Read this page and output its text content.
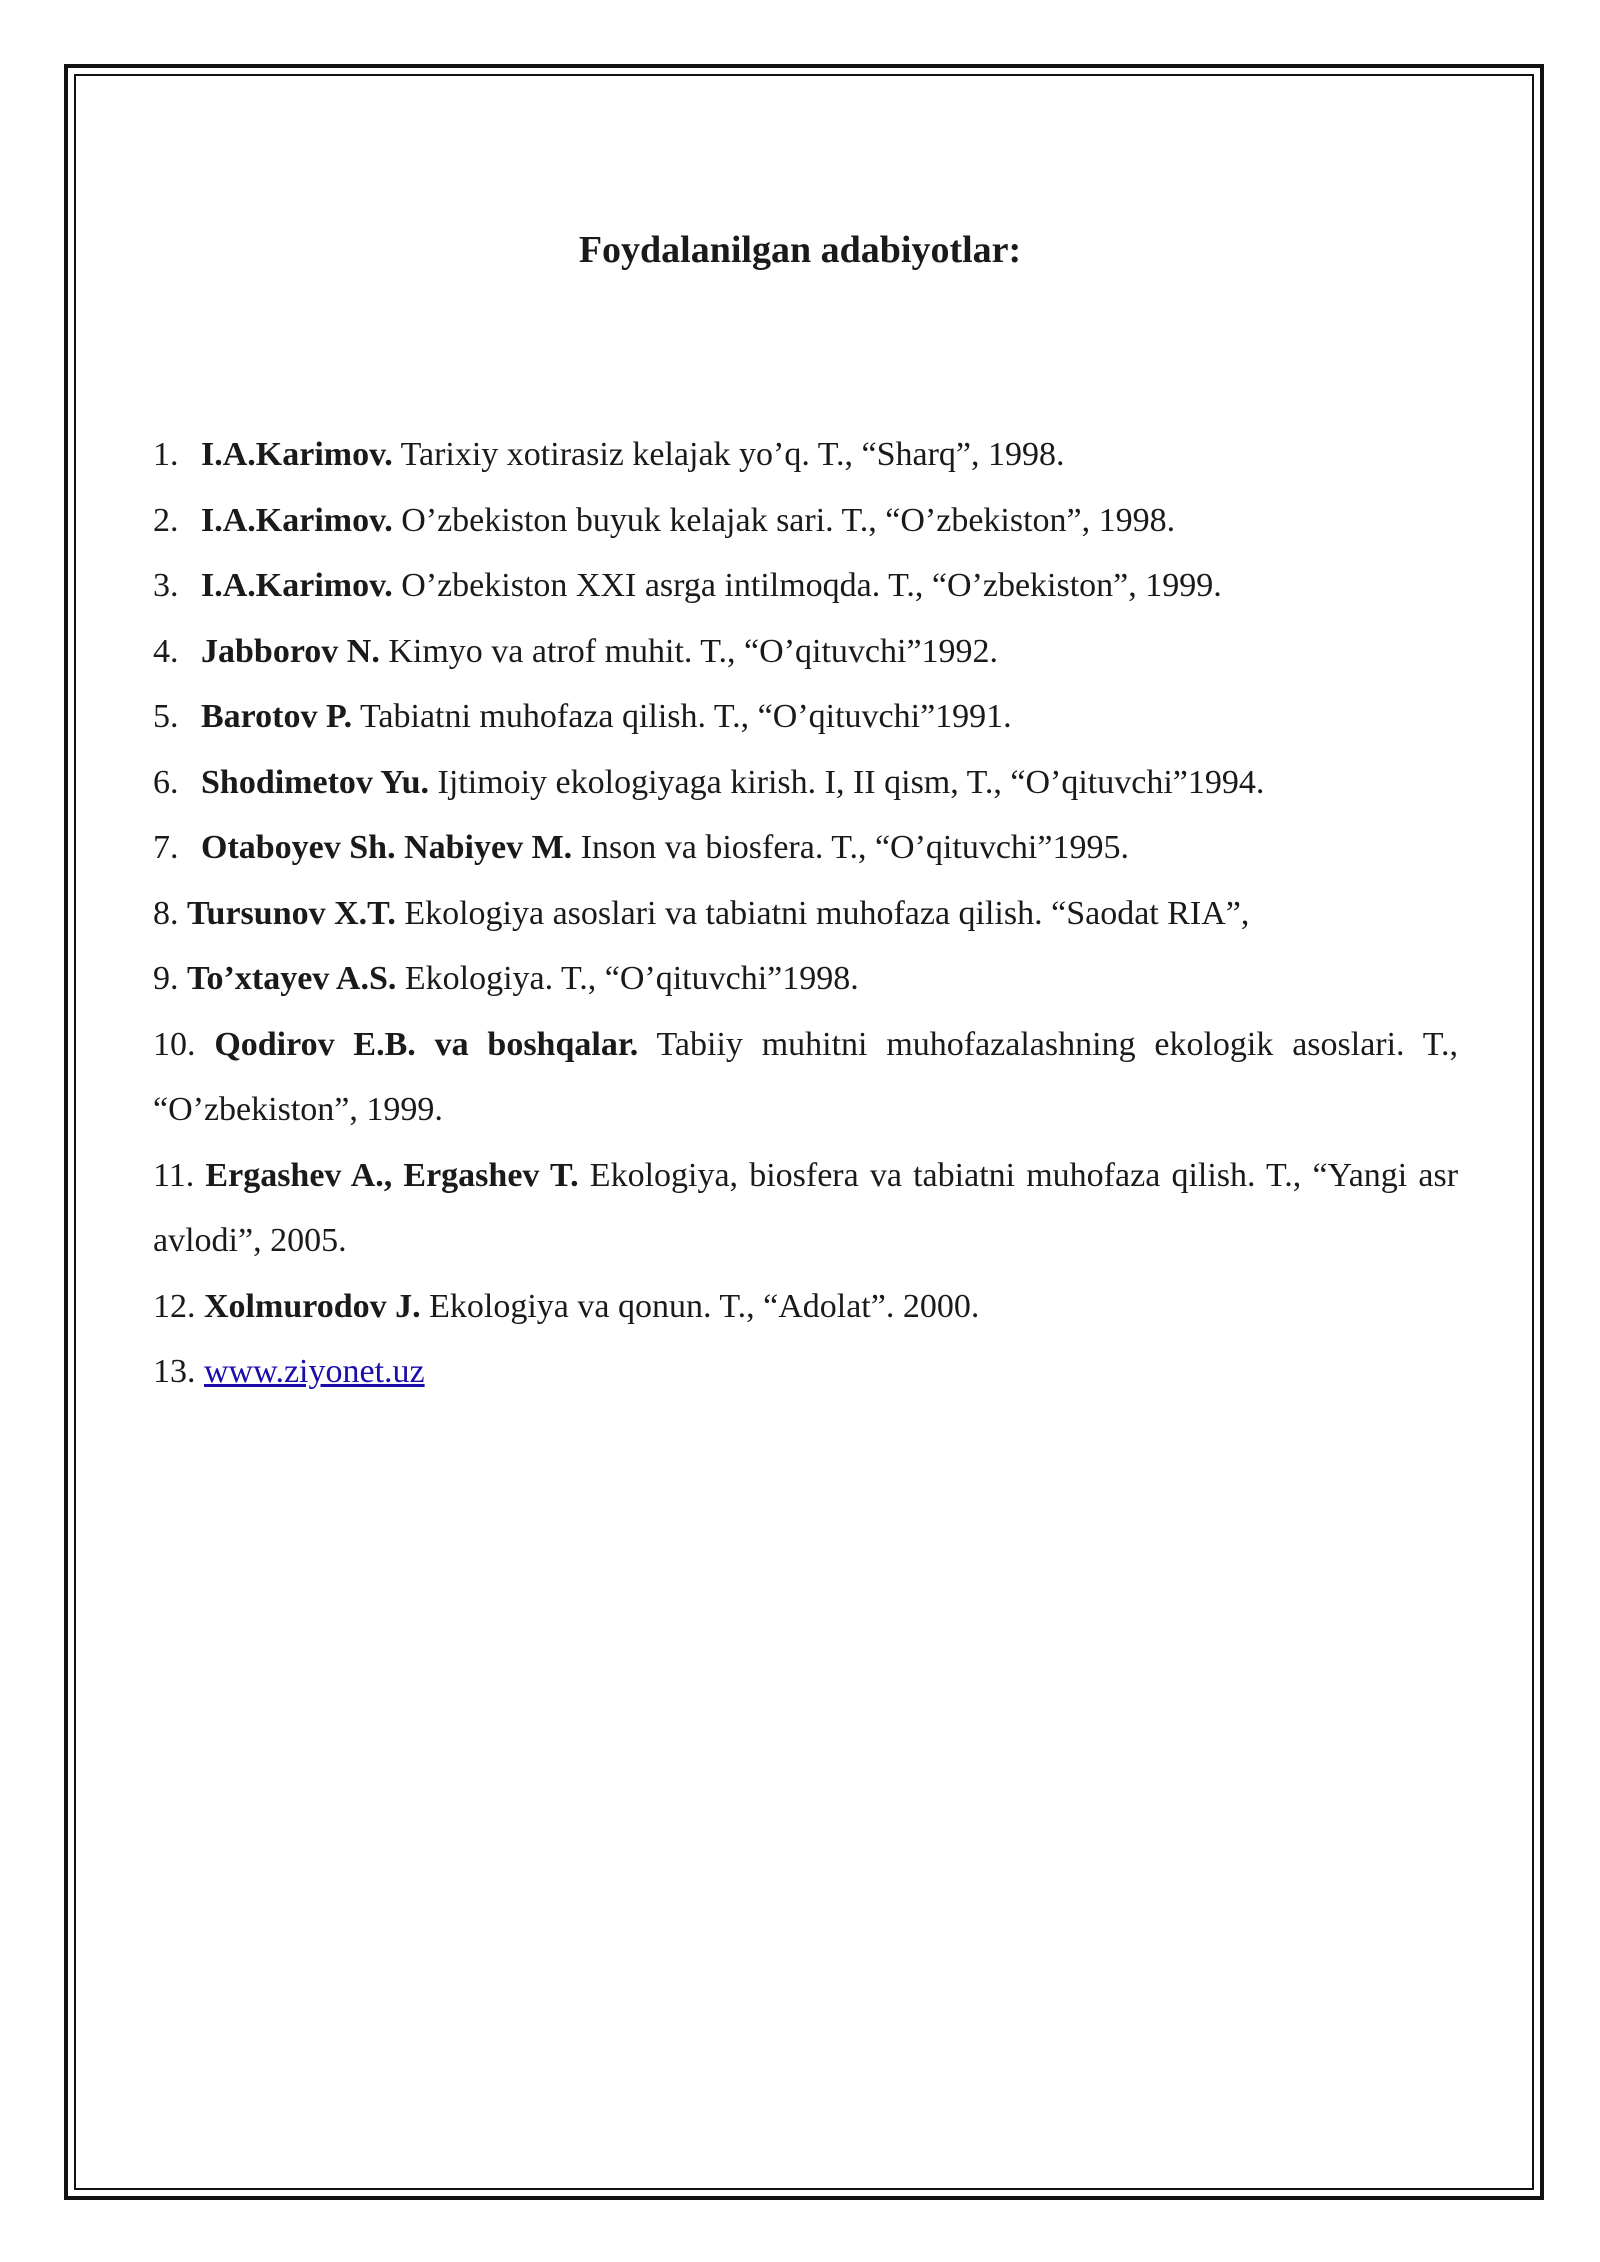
Foydalanilgan adabiyotlar:
1. I.A.Karimov. Tarixiy xotirasiz kelajak yo’q. T., “Sharq”, 1998.
2. I.A.Karimov. O’zbekiston buyuk kelajak sari. T., “O’zbekiston”, 1998.
3. I.A.Karimov. O’zbekiston XXI asrga intilmoqda. T., “O’zbekiston”, 1999.
4. Jabborov N. Kimyo va atrof muhit. T., “O’qituvchi”1992.
5. Barotov P. Tabiatni muhofaza qilish. T., “O’qituvchi”1991.
6. Shodimetov Yu. Ijtimoiy ekologiyaga kirish. I, II qism, T., “O’qituvchi”1994.
7. Otaboyev Sh. Nabiyev M. Inson va biosfera. T., “O’qituvchi”1995.
8. Tursunov X.T. Ekologiya asoslari va tabiatni muhofaza qilish. “Saodat RIA”,
9. To’xtayev A.S. Ekologiya. T., “O’qituvchi”1998.
10. Qodirov E.B. va boshqalar. Tabiiy muhitni muhofazalashning ekologik asoslari. T., “O’zbekiston”, 1999.
11. Ergashev A., Ergashev T. Ekologiya, biosfera va tabiatni muhofaza qilish. T., “Yangi asr avlodi”, 2005.
12. Xolmurodov J. Ekologiya va qonun. T., “Adolat”. 2000.
13. www.ziyonet.uz
